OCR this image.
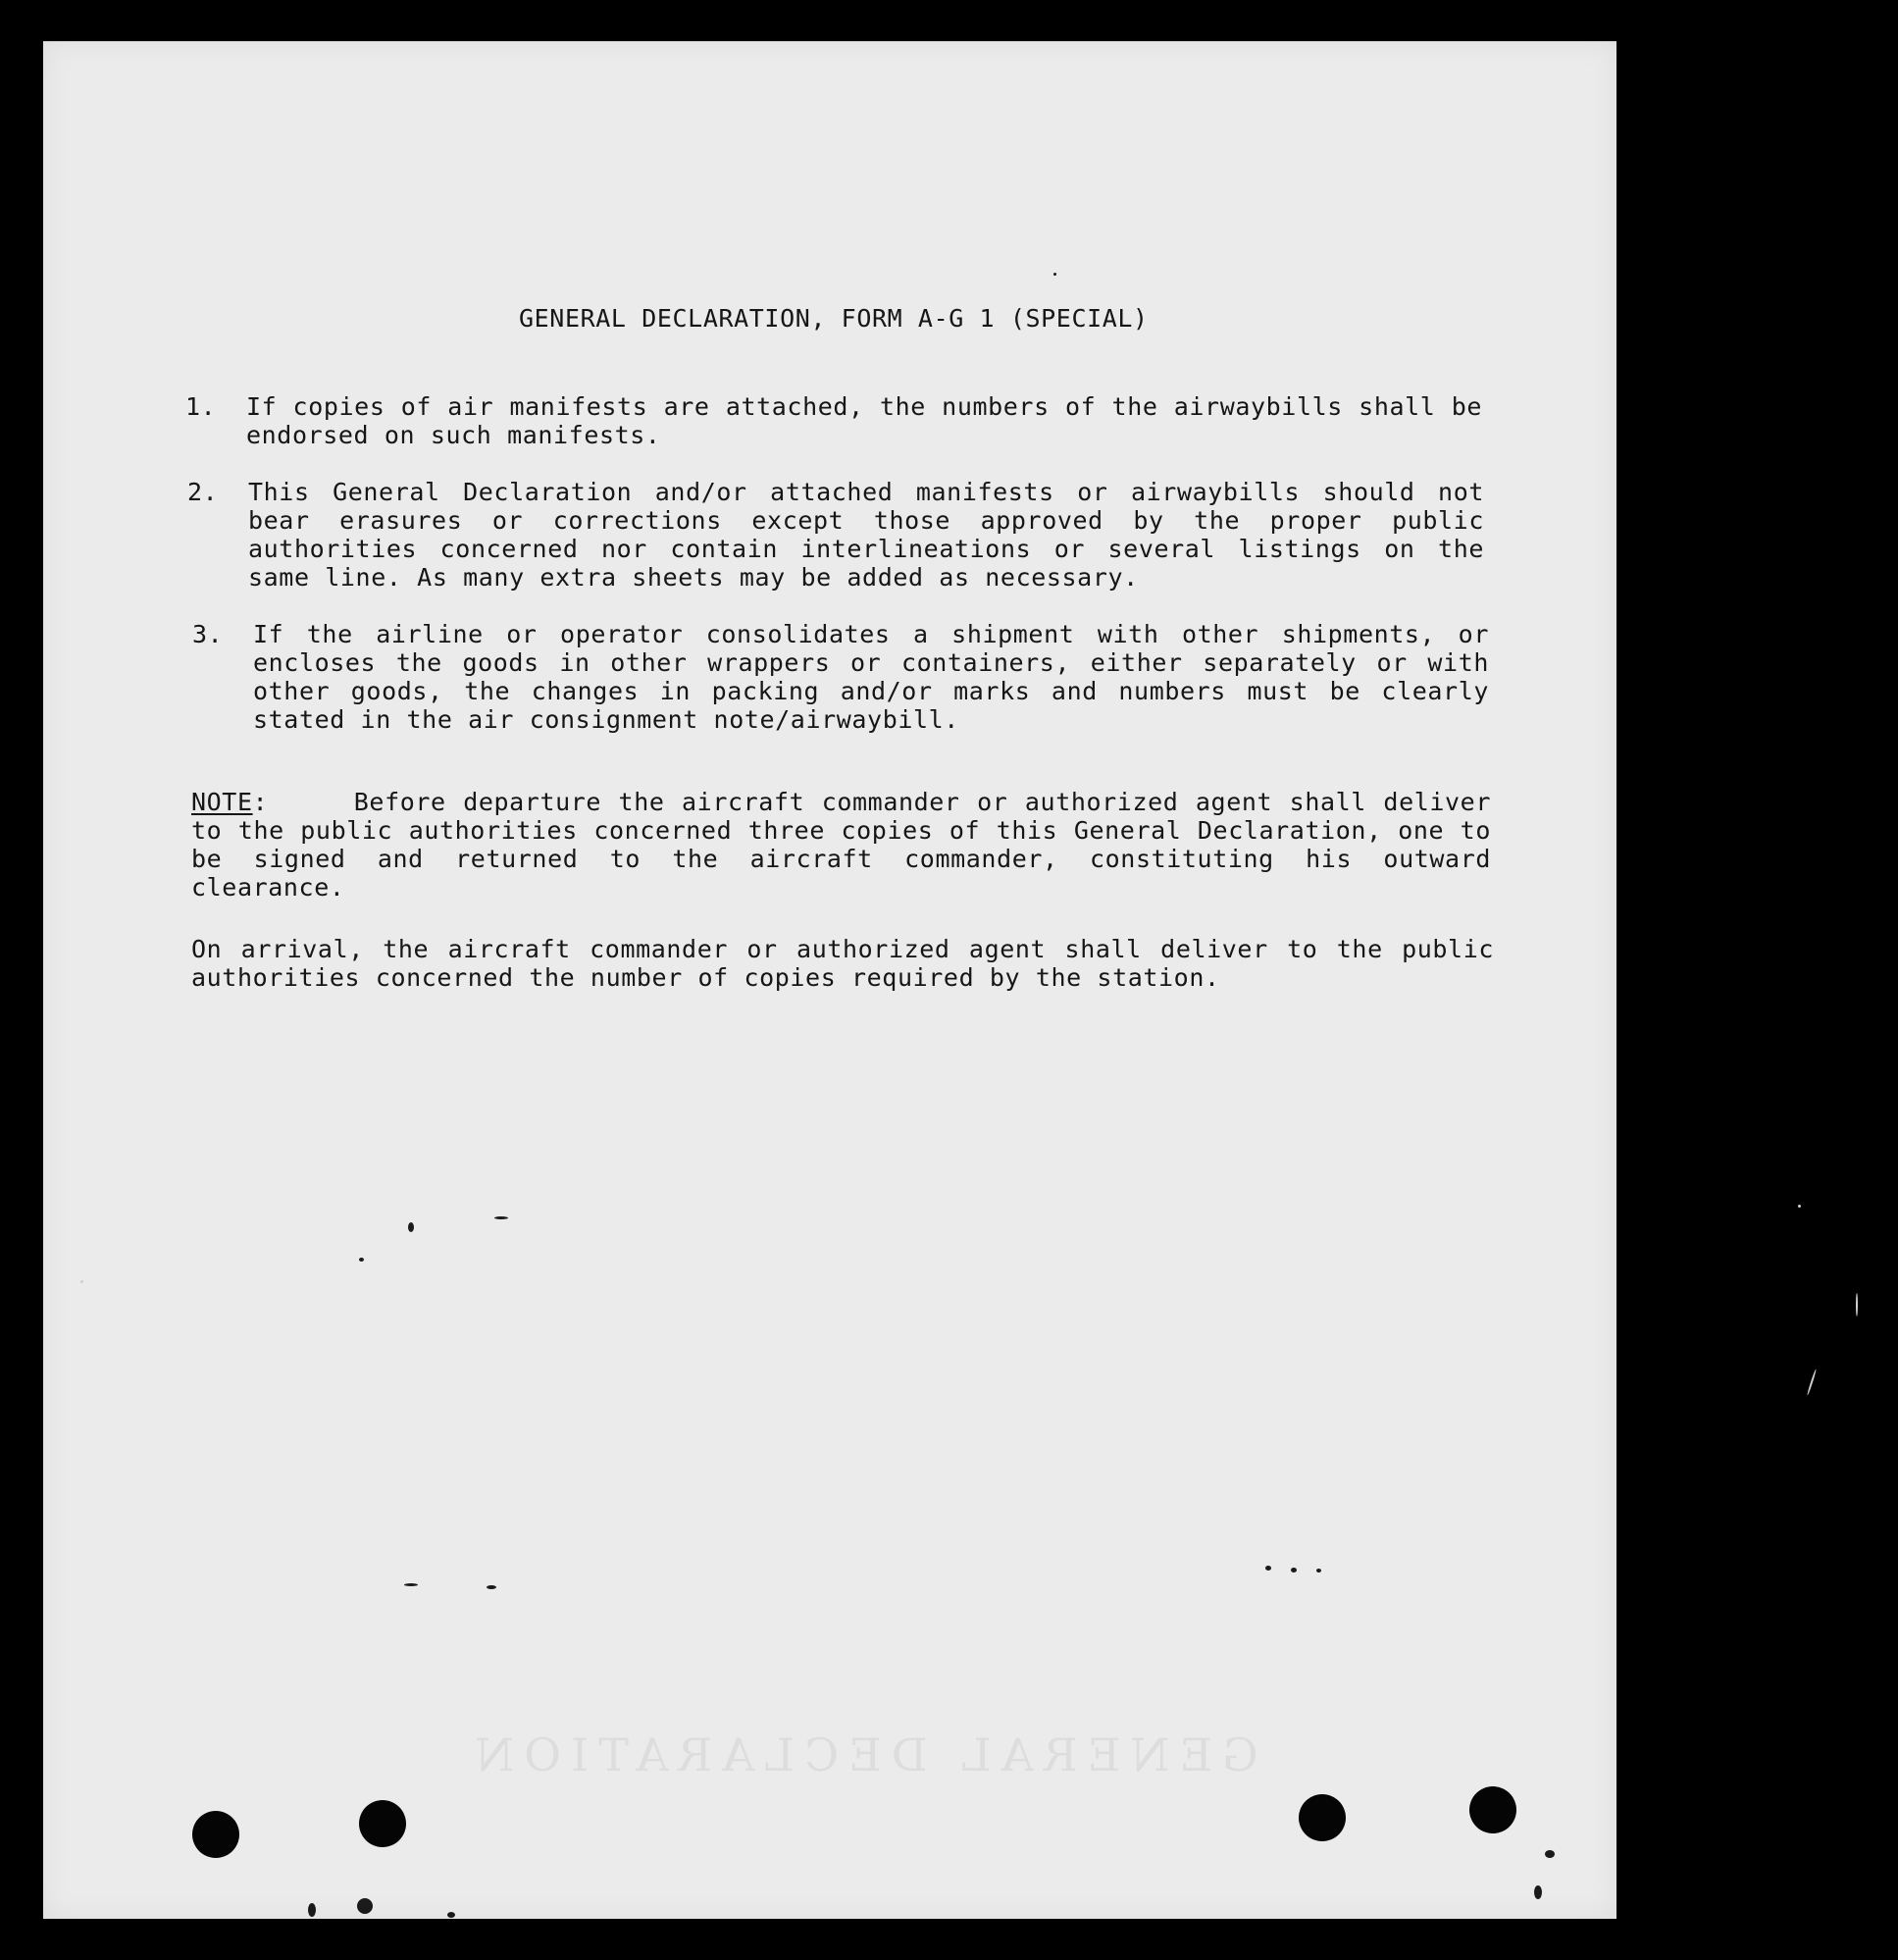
GENERAL DECLARATION
GENERAL DECLARATION, FORM A-G 1 (SPECIAL)
1. If copies of air manifests are attached, the numbers of the airwaybills shall be endorsed on such manifests.
2. This General Declaration and/or attached manifests or airwaybills should not bear erasures or corrections except those approved by the proper public authorities concerned nor contain interlineations or several listings on the same line. As many extra sheets may be added as necessary.
3. If the airline or operator consolidates a shipment with other shipments, or encloses the goods in other wrappers or containers, either separately or with other goods, the changes in packing and/or marks and numbers must be clearly stated in the air consignment note/airwaybill.
NOTE:     Before departure the aircraft commander or authorized agent shall deliver to the public authorities concerned three copies of this General Declaration, one to be signed and returned to the aircraft commander, constituting his outward clearance.
On arrival, the aircraft commander or authorized agent shall deliver to the public authorities concerned the number of copies required by the station.
